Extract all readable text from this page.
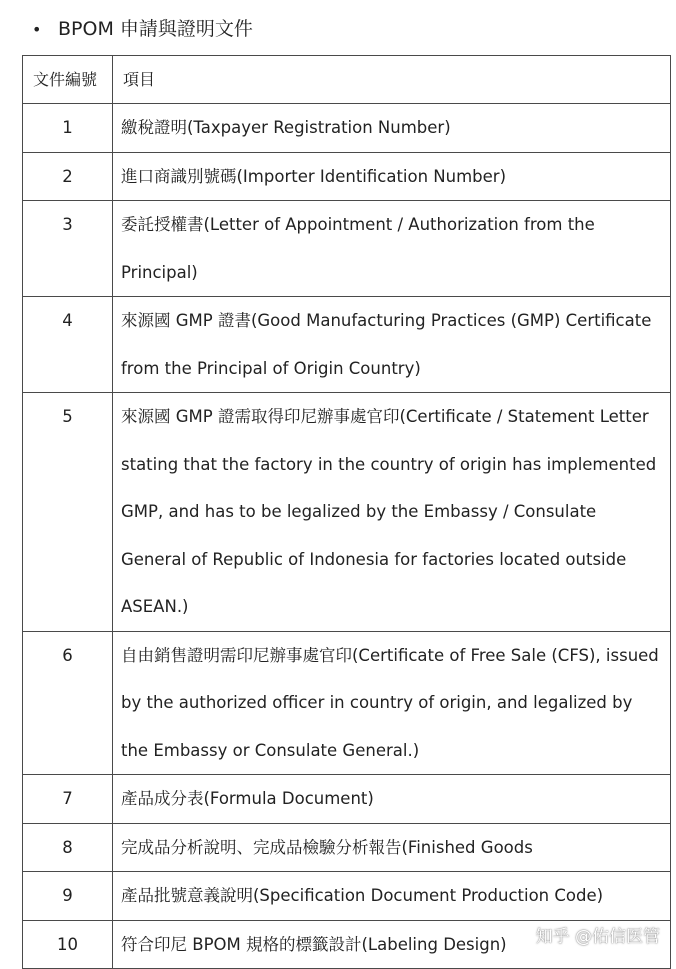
• BPOM 申請與證明文件
文件編號	項目
1	繳稅證明(Taxpayer Registration Number)
2	進口商識別號碼(Importer Identification Number)
3	委託授權書(Letter of Appointment / Authorization from the Principal)
4	來源國 GMP 證書(Good Manufacturing Practices (GMP) Certificate from the Principal of Origin Country)
5	來源國 GMP 證需取得印尼辦事處官印(Certificate / Statement Letter stating that the factory in the country of origin has implemented GMP, and has to be legalized by the Embassy / Consulate General of Republic of Indonesia for factories located outside ASEAN.)
6	自由銷售證明需印尼辦事處官印(Certificate of Free Sale (CFS), issued by the authorized officer in country of origin, and legalized by the Embassy or Consulate General.)
7	產品成分表(Formula Document)
8	完成品分析說明、完成品檢驗分析報告(Finished Goods
9	產品批號意義說明(Specification Document Production Code)
10	符合印尼 BPOM 規格的標籤設計(Labeling Design) 知乎 @佑信医管
